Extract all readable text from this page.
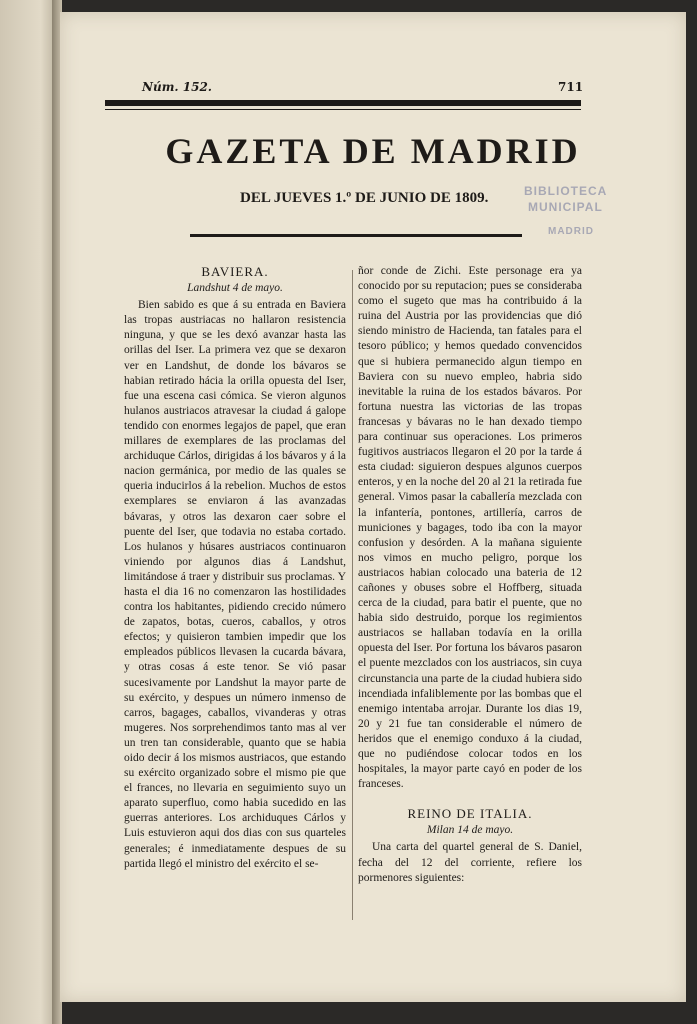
Núm. 152.	711
GAZETA DE MADRID
DEL JUEVES 1.º DE JUNIO DE 1809.	BIBLIOTECA
MUNICIPAL
MADRID

BAVIERA.

Landshut 4 de mayo.

Bien sabido es que á su entrada en Baviera las tropas austriacas no hallaron resistencia ninguna, y que se les dexó avanzar hasta las orillas del Iser. La primera vez que se dexaron ver en Landshut, de donde los bávaros se habian retirado hácia la orilla opuesta del Iser, fue una escena casi cómica. Se vieron algunos hulanos austriacos atravesar la ciudad á galope tendido con enormes legajos de papel, que eran millares de exemplares de las proclamas del archiduque Cárlos, dirigidas á los bávaros y á la nacion germánica, por medio de las quales se queria inducirlos á la rebelion. Muchos de estos exemplares se enviaron á las avanzadas bávaras, y otros las dexaron caer sobre el puente del Iser, que todavia no estaba cortado. Los hulanos y húsares austriacos continuaron viniendo por algunos dias á Landshut, limitándose á traer y distribuir sus proclamas. Y hasta el dia 16 no comenzaron las hostilidades contra los habitantes, pidiendo crecido número de zapatos, botas, cueros, caballos, y otros efectos; y quisieron tambien impedir que los empleados públicos llevasen la cucarda bávara, y otras cosas á este tenor. Se vió pasar sucesivamente por Landshut la mayor parte de su exército, y despues un número inmenso de carros, bagages, caballos, vivanderas y otras mugeres. Nos sorprehendimos tanto mas al ver un tren tan considerable, quanto que se habia oido decir á los mismos austriacos, que estando su exército organizado sobre el mismo pie que el frances, no llevaria en seguimiento suyo un aparato superfluo, como habia sucedido en las guerras anteriores. Los archiduques Cárlos y Luis estuvieron aqui dos dias con sus quarteles generales; é inmediatamente despues de su partida llegó el ministro del exército el se-

ñor conde de Zichi. Este personage era ya conocido por su reputacion; pues se consideraba como el sugeto que mas ha contribuido á la ruina del Austria por las providencias que dió siendo ministro de Hacienda, tan fatales para el tesoro público; y hemos quedado convencidos que si hubiera permanecido algun tiempo en Baviera con su nuevo empleo, habria sido inevitable la ruina de los estados bávaros. Por fortuna nuestra las victorias de las tropas francesas y bávaras no le han dexado tiempo para continuar sus operaciones. Los primeros fugitivos austriacos llegaron el 20 por la tarde á esta ciudad: siguieron despues algunos cuerpos enteros, y en la noche del 20 al 21 la retirada fue general. Vimos pasar la caballería mezclada con la infantería, pontones, artillería, carros de municiones y bagages, todo iba con la mayor confusion y desórden. A la mañana siguiente nos vimos en mucho peligro, porque los austriacos habian colocado una bateria de 12 cañones y obuses sobre el Hoffberg, situada cerca de la ciudad, para batir el puente, que no habia sido destruido, porque los regimientos austriacos se hallaban todavía en la orilla opuesta del Iser. Por fortuna los bávaros pasaron el puente mezclados con los austriacos, sin cuya circunstancia una parte de la ciudad hubiera sido incendiada infaliblemente por las bombas que el enemigo intentaba arrojar. Durante los dias 19, 20 y 21 fue tan considerable el número de heridos que el enemigo conduxo á la ciudad, que no pudiéndose colocar todos en los hospitales, la mayor parte cayó en poder de los franceses.

REINO DE ITALIA.

Milan 14 de mayo.

Una carta del quartel general de S. Daniel, fecha del 12 del corriente, refiere los pormenores siguientes:
